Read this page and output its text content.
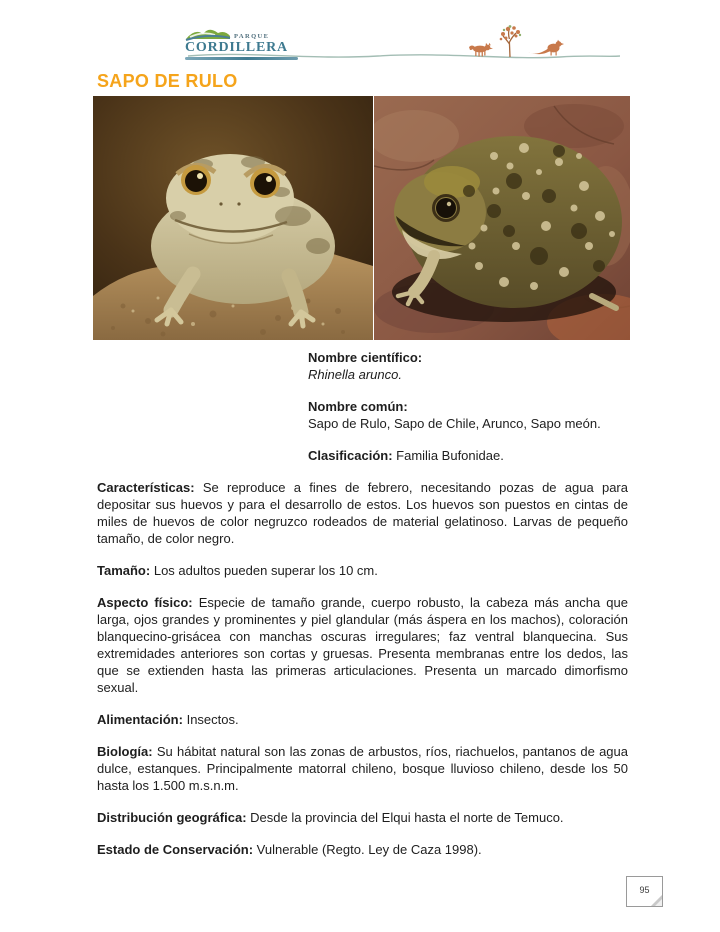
PARQUE
CORDILLERA
SAPO DE RULO

Nombre científico:
Rhinella arunco.

Nombre común:
Sapo de Rulo, Sapo de Chile, Arunco, Sapo meón.

Clasificación: Familia Bufonidae.

Características: Se reproduce a fines de febrero, necesitando pozas de agua para depositar sus huevos y para el desarrollo de estos. Los huevos son puestos en cintas de miles de huevos de color negruzco rodeados de material gelatinoso. Larvas de pequeño tamaño, de color negro.

Tamaño: Los adultos pueden superar los 10 cm.

Aspecto físico: Especie de tamaño grande, cuerpo robusto, la cabeza más ancha que larga, ojos grandes y prominentes y piel glandular (más áspera en los machos), coloración blanquecino-grisácea con manchas oscuras irregulares; faz ventral blanquecina. Sus extremidades anteriores son cortas y gruesas. Presenta membranas entre los dedos, las que se extienden hasta las primeras articulaciones. Presenta un marcado dimorfismo sexual.

Alimentación: Insectos.

Biología: Su hábitat natural son las zonas de arbustos, ríos, riachuelos, pantanos de agua dulce, estanques. Principalmente matorral chileno, bosque lluvioso chileno, desde los 50 hasta los 1.500 m.s.n.m.

Distribución geográfica: Desde la provincia del Elqui hasta el norte de Temuco.

Estado de Conservación: Vulnerable (Regto. Ley de Caza 1998).

95
